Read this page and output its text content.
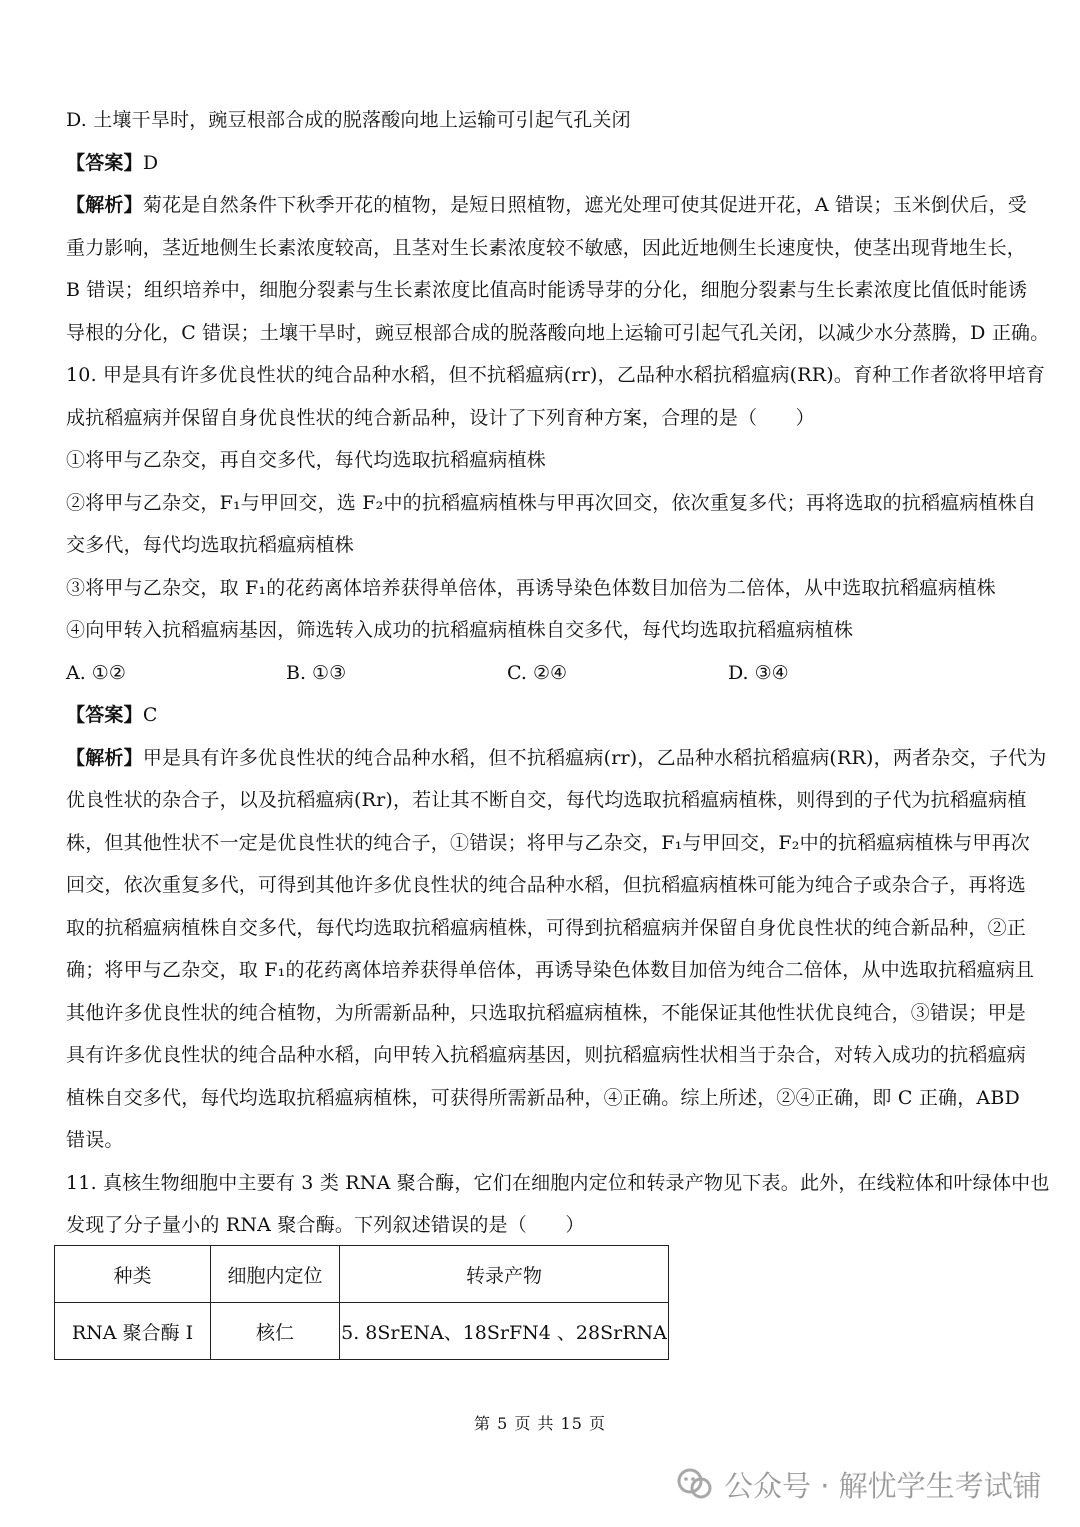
D. 土壤干旱时，豌豆根部合成的脱落酸向地上运输可引起气孔关闭
【答案】D
【解析】菊花是自然条件下秋季开花的植物，是短日照植物，遮光处理可使其促进开花，A 错误；玉米倒伏后，受
重力影响，茎近地侧生长素浓度较高，且茎对生长素浓度较不敏感，因此近地侧生长速度快，使茎出现背地生长，
B 错误；组织培养中，细胞分裂素与生长素浓度比值高时能诱导芽的分化，细胞分裂素与生长素浓度比值低时能诱
导根的分化，C 错误；土壤干旱时，豌豆根部合成的脱落酸向地上运输可引起气孔关闭，以减少水分蒸腾，D 正确。
10. 甲是具有许多优良性状的纯合品种水稻，但不抗稻瘟病(rr)，乙品种水稻抗稻瘟病(RR)。育种工作者欲将甲培育
成抗稻瘟病并保留自身优良性状的纯合新品种，设计了下列育种方案，合理的是（　　）
①将甲与乙杂交，再自交多代，每代均选取抗稻瘟病植株
②将甲与乙杂交，F₁与甲回交，选 F₂中的抗稻瘟病植株与甲再次回交，依次重复多代；再将选取的抗稻瘟病植株自
交多代，每代均选取抗稻瘟病植株
③将甲与乙杂交，取 F₁的花药离体培养获得单倍体，再诱导染色体数目加倍为二倍体，从中选取抗稻瘟病植株
④向甲转入抗稻瘟病基因，筛选转入成功的抗稻瘟病植株自交多代，每代均选取抗稻瘟病植株
A. ①②	B. ①③	C. ②④	D. ③④
【答案】C
【解析】甲是具有许多优良性状的纯合品种水稻，但不抗稻瘟病(rr)，乙品种水稻抗稻瘟病(RR)，两者杂交，子代为
优良性状的杂合子，以及抗稻瘟病(Rr)，若让其不断自交，每代均选取抗稻瘟病植株，则得到的子代为抗稻瘟病植
株，但其他性状不一定是优良性状的纯合子，①错误；将甲与乙杂交，F₁与甲回交，F₂中的抗稻瘟病植株与甲再次
回交，依次重复多代，可得到其他许多优良性状的纯合品种水稻，但抗稻瘟病植株可能为纯合子或杂合子，再将选
取的抗稻瘟病植株自交多代，每代均选取抗稻瘟病植株，可得到抗稻瘟病并保留自身优良性状的纯合新品种，②正
确；将甲与乙杂交，取 F₁的花药离体培养获得单倍体，再诱导染色体数目加倍为纯合二倍体，从中选取抗稻瘟病且
其他许多优良性状的纯合植物，为所需新品种，只选取抗稻瘟病植株，不能保证其他性状优良纯合，③错误；甲是
具有许多优良性状的纯合品种水稻，向甲转入抗稻瘟病基因，则抗稻瘟病性状相当于杂合，对转入成功的抗稻瘟病
植株自交多代，每代均选取抗稻瘟病植株，可获得所需新品种，④正确。综上所述，②④正确，即 C 正确，ABD
错误。
11. 真核生物细胞中主要有 3 类 RNA 聚合酶，它们在细胞内定位和转录产物见下表。此外，在线粒体和叶绿体中也
发现了分子量小的 RNA 聚合酶。下列叙述错误的是（　　）
种类	细胞内定位	转录产物
RNA 聚合酶 I	核仁	5. 8SrENA、18SrFN4 、28SrRNA
第 5 页 共 15 页
公众号 · 解忧学生考试铺
